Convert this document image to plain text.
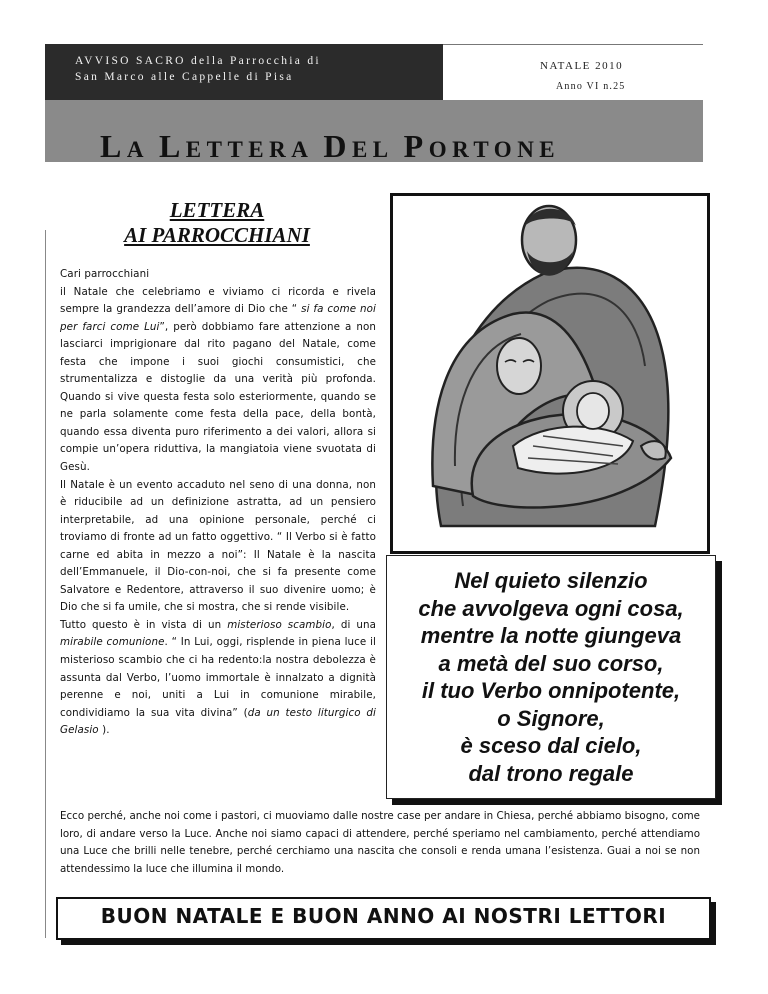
AVVISO SACRO della Parrocchia di
San Marco alle Cappelle di Pisa
NATALE 2010
Anno VI n.25
LA LETTERA DEL PORTONE
LETTERA
AI PARROCCHIANI

Cari parrocchiani

il Natale che celebriamo e viviamo ci ricorda e rivela sempre la grandezza dell’amore di Dio che “ si fa come noi per farci come Lui”, però dobbiamo fare attenzione a non lasciarci imprigionare dal rito pagano del Natale, come festa che impone i suoi giochi consumistici, che strumentalizza e distoglie da una verità più profonda. Quando si vive questa festa solo esteriormente, quando se ne parla solamente come festa della pace, della bontà, quando essa diventa puro riferimento a dei valori, allora si compie un’opera riduttiva, la mangiatoia viene svuotata di Gesù.

Il Natale è un evento accaduto nel seno di una donna, non è riducibile ad un definizione astratta, ad un pensiero interpretabile, ad una opinione personale, perché ci troviamo di fronte ad un fatto oggettivo. “ Il Verbo si è fatto carne ed abita in mezzo a noi”: Il Natale è la nascita dell’Emmanuele, il Dio-con-noi, che si fa presente come Salvatore e Redentore, attraverso il suo divenire uomo; è Dio che si fa umile, che si mostra, che si rende visibile.

Tutto questo è in vista di un misterioso scambio, di una mirabile comunione. “ In Lui, oggi, risplende in piena luce il misterioso scambio che ci ha redento:la nostra debolezza è assunta dal Verbo, l’uomo immortale è innalzato a dignità perenne e noi, uniti a Lui in comunione mirabile, condividiamo la sua vita divina” (da un testo liturgico di Gelasio ).

Nel quieto silenzio
che avvolgeva ogni cosa,
mentre la notte giungeva
a metà del suo corso,
il tuo Verbo onnipotente,
o Signore,
è sceso dal cielo,
dal trono regale
Ecco perché, anche noi come i pastori, ci muoviamo dalle nostre case per andare in Chiesa, perché abbiamo bisogno, come loro, di andare verso la Luce. Anche noi siamo capaci di attendere, perché speriamo nel cambiamento, perché attendiamo una Luce che brilli nelle tenebre, perché cerchiamo una nascita che consoli e renda umana l’esistenza. Guai a noi se non attendessimo la luce che illumina il mondo.
BUON NATALE E BUON ANNO AI NOSTRI LETTORI
